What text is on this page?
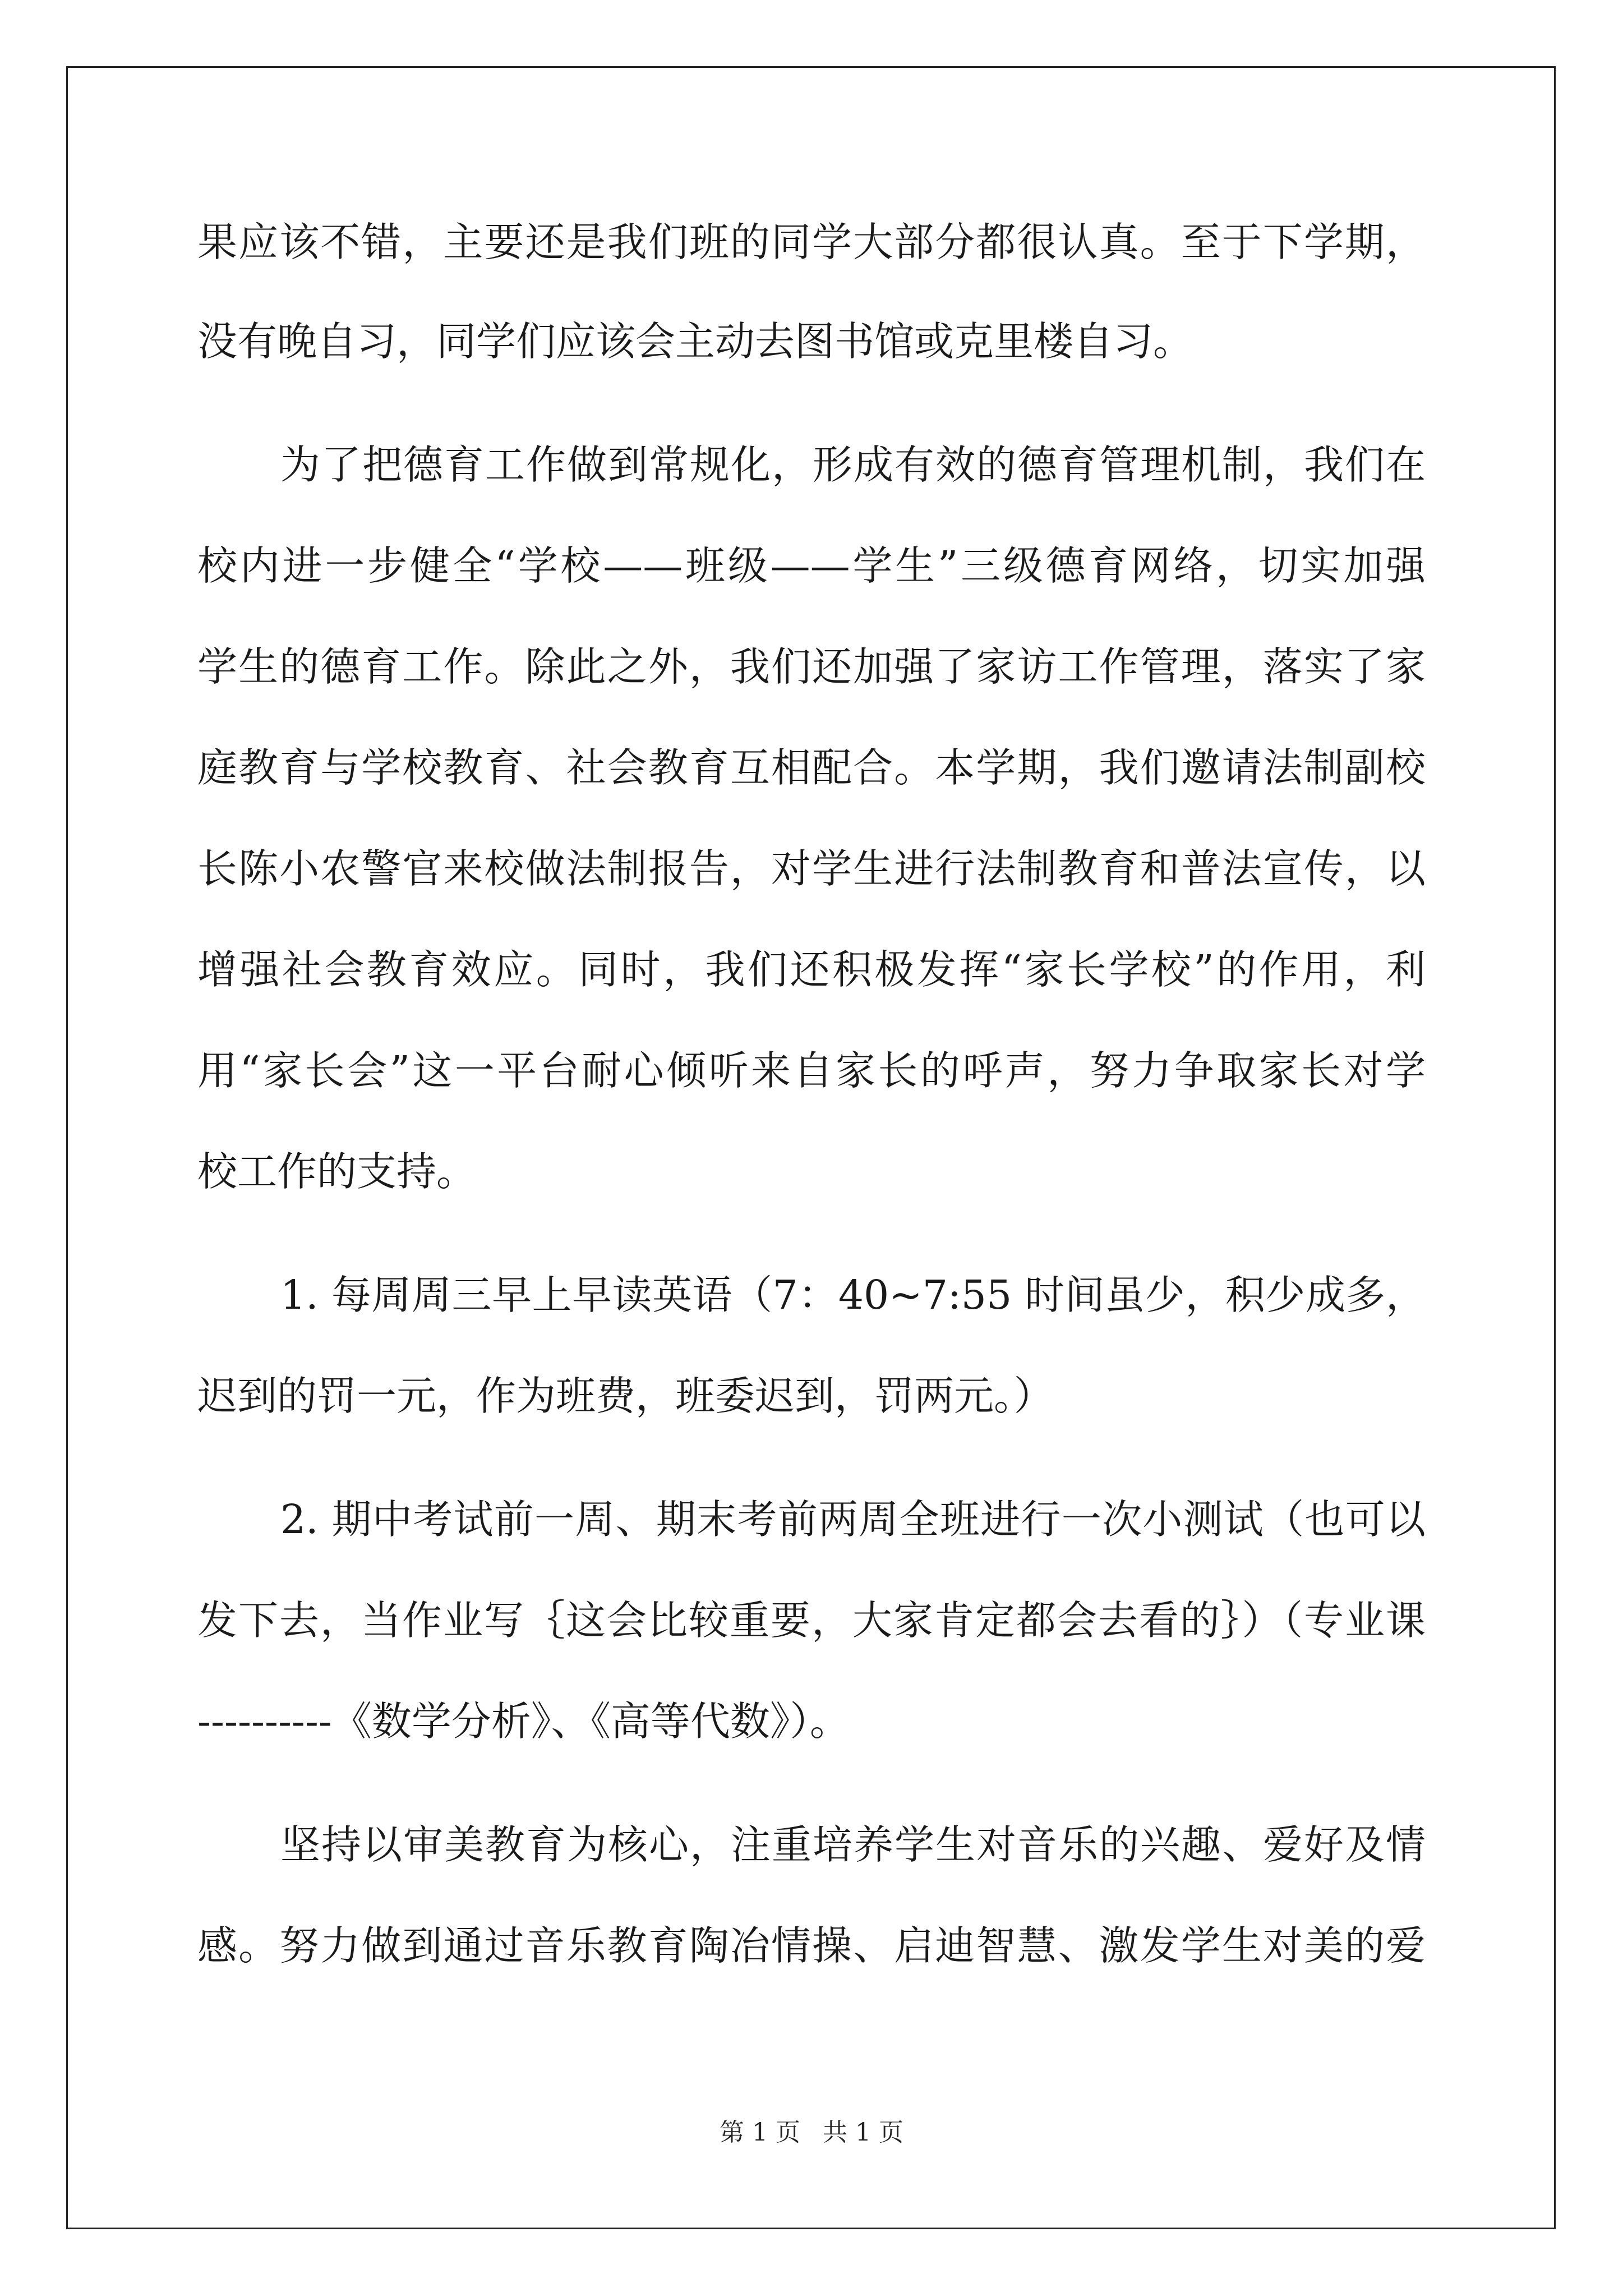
果应该不错，主要还是我们班的同学大部分都很认真。至于下学期，
没有晚自习，同学们应该会主动去图书馆或克里楼自习。
为了把德育工作做到常规化，形成有效的德育管理机制，我们在
校内进一步健全“学校——班级——学生”三级德育网络，切实加强
学生的德育工作。除此之外，我们还加强了家访工作管理，落实了家
庭教育与学校教育、社会教育互相配合。本学期，我们邀请法制副校
长陈小农警官来校做法制报告，对学生进行法制教育和普法宣传，以
增强社会教育效应。同时，我们还积极发挥“家长学校”的作用，利
用“家长会”这一平台耐心倾听来自家长的呼声，努力争取家长对学
校工作的支持。
1. 每周周三早上早读英语（7：40~7:55 时间虽少，积少成多，
迟到的罚一元，作为班费，班委迟到，罚两元。）
2. 期中考试前一周、期末考前两周全班进行一次小测试（也可以
发下去，当作业写｛这会比较重要，大家肯定都会去看的｝）（专业课
----------《数学分析》、《高等代数》）。
坚持以审美教育为核心，注重培养学生对音乐的兴趣、爱好及情
感。努力做到通过音乐教育陶冶情操、启迪智慧、激发学生对美的爱
第 1 页 共 1 页
